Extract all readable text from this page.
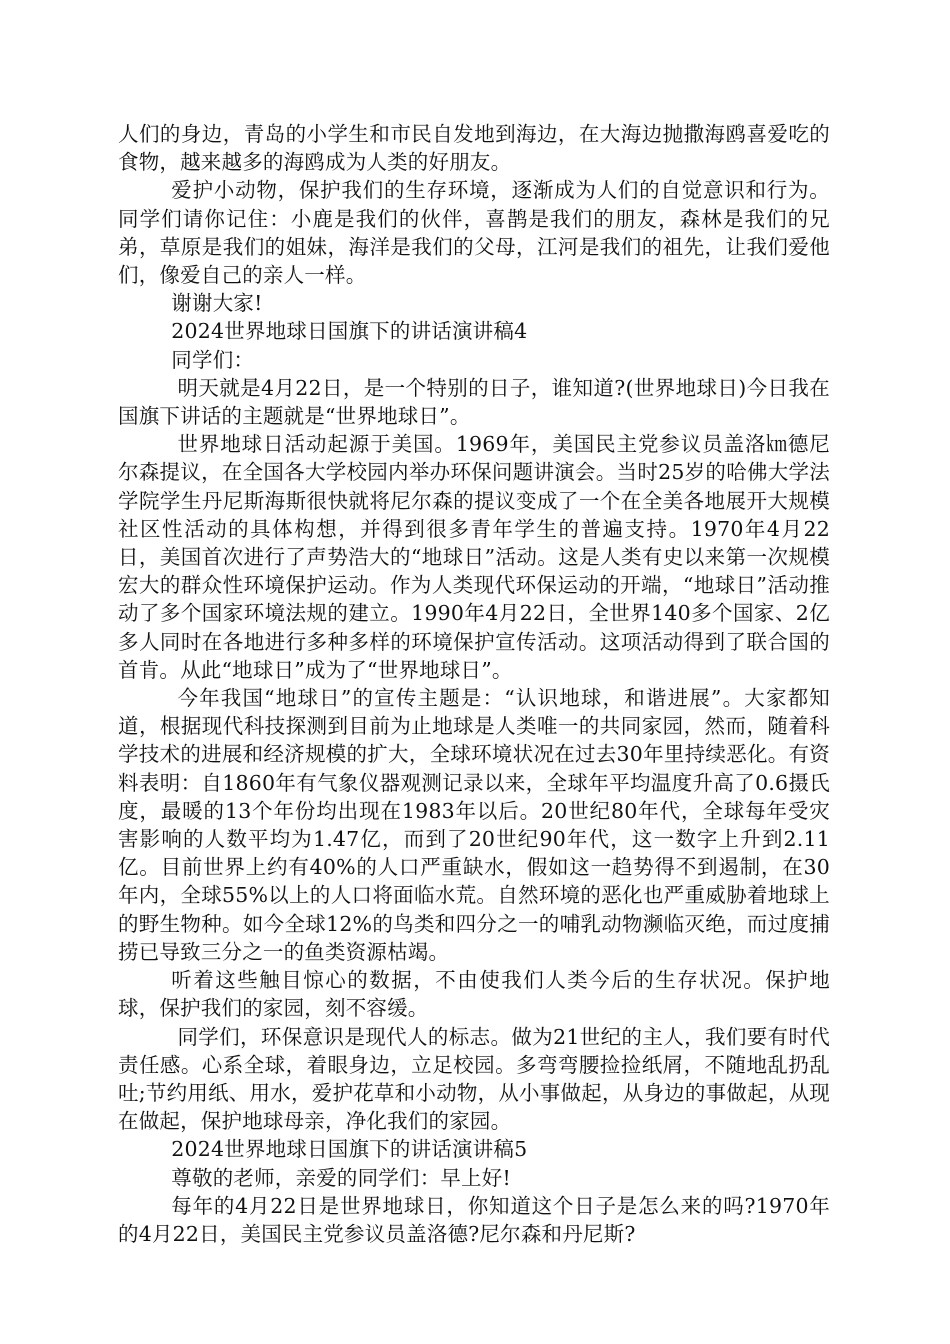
人们的身边，青岛的小学生和市民自发地到海边，在大海边抛撒海鸥喜爱吃的食物，越来越多的海鸥成为人类的好朋友。

爱护小动物，保护我们的生存环境，逐渐成为人们的自觉意识和行为。同学们请你记住：小鹿是我们的伙伴，喜鹊是我们的朋友，森林是我们的兄弟，草原是我们的姐妹，海洋是我们的父母，江河是我们的祖先，让我们爱他们，像爱自己的亲人一样。

谢谢大家!

2024世界地球日国旗下的讲话演讲稿4

同学们：

明天就是4月22日，是一个特别的日子，谁知道?(世界地球日)今日我在国旗下讲话的主题就是“世界地球日”。

世界地球日活动起源于美国。1969年，美国民主党参议员盖洛㎞德尼尔森提议，在全国各大学校园内举办环保问题讲演会。当时25岁的哈佛大学法学院学生丹尼斯海斯很快就将尼尔森的提议变成了一个在全美各地展开大规模社区性活动的具体构想，并得到很多青年学生的普遍支持。1970年4月22日，美国首次进行了声势浩大的“地球日”活动。这是人类有史以来第一次规模宏大的群众性环境保护运动。作为人类现代环保运动的开端，“地球日”活动推动了多个国家环境法规的建立。1990年4月22日，全世界140多个国家、2亿多人同时在各地进行多种多样的环境保护宣传活动。这项活动得到了联合国的首肯。从此“地球日”成为了“世界地球日”。

今年我国“地球日”的宣传主题是：“认识地球，和谐进展”。大家都知道，根据现代科技探测到目前为止地球是人类唯一的共同家园，然而，随着科学技术的进展和经济规模的扩大，全球环境状况在过去30年里持续恶化。有资料表明：自1860年有气象仪器观测记录以来，全球年平均温度升高了0.6摄氏度，最暖的13个年份均出现在1983年以后。20世纪80年代，全球每年受灾害影响的人数平均为1.47亿，而到了20世纪90年代，这一数字上升到2.11亿。目前世界上约有40%的人口严重缺水，假如这一趋势得不到遏制，在30年内，全球55%以上的人口将面临水荒。自然环境的恶化也严重威胁着地球上的野生物种。如今全球12%的鸟类和四分之一的哺乳动物濒临灭绝，而过度捕捞已导致三分之一的鱼类资源枯竭。

听着这些触目惊心的数据，不由使我们人类今后的生存状况。保护地球，保护我们的家园，刻不容缓。

同学们，环保意识是现代人的标志。做为21世纪的主人，我们要有时代责任感。心系全球，着眼身边，立足校园。多弯弯腰捡捡纸屑，不随地乱扔乱吐;节约用纸、用水，爱护花草和小动物，从小事做起，从身边的事做起，从现在做起，保护地球母亲，净化我们的家园。

2024世界地球日国旗下的讲话演讲稿5

尊敬的老师，亲爱的同学们：早上好!

每年的4月22日是世界地球日，你知道这个日子是怎么来的吗?1970年的4月22日，美国民主党参议员盖洛德?尼尔森和丹尼斯?
